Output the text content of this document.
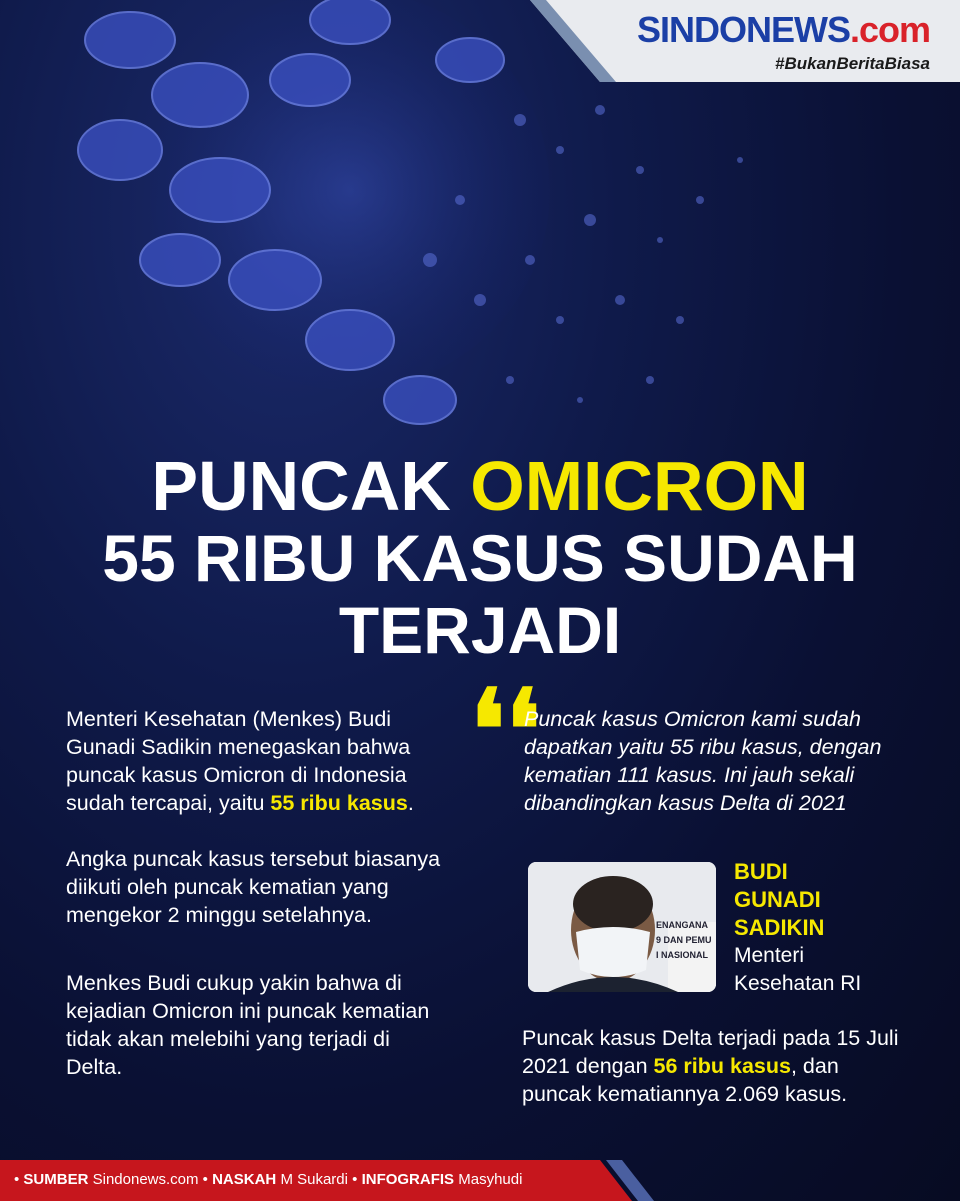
SINDONEWS.com
#BukanBeritaBiasa
PUNCAK OMICRON
55 RIBU KASUS SUDAH
TERJADI

Menteri Kesehatan (Menkes) Budi Gunadi Sadikin menegaskan bahwa puncak kasus Omicron di Indonesia sudah tercapai, yaitu 55 ribu kasus.

Angka puncak kasus tersebut biasanya diikuti oleh puncak kematian yang mengekor 2 minggu setelahnya.

Menkes Budi cukup yakin bahwa di kejadian Omicron ini puncak kematian tidak akan melebihi yang terjadi di Delta.

❛❛
Puncak kasus Omicron kami sudah dapatkan yaitu 55 ribu kasus, dengan kematian 111 kasus. Ini jauh sekali dibandingkan kasus Delta di 2021
ENANGANA
9 DAN PEMU
I NASIONAL
BUDI
GUNADI
SADIKIN
Menteri
Kesehatan RI
Puncak kasus Delta terjadi pada 15 Juli 2021 dengan 56 ribu kasus, dan puncak kematiannya 2.069 kasus.
• SUMBER Sindonews.com • NASKAH M Sukardi • INFOGRAFIS Masyhudi
